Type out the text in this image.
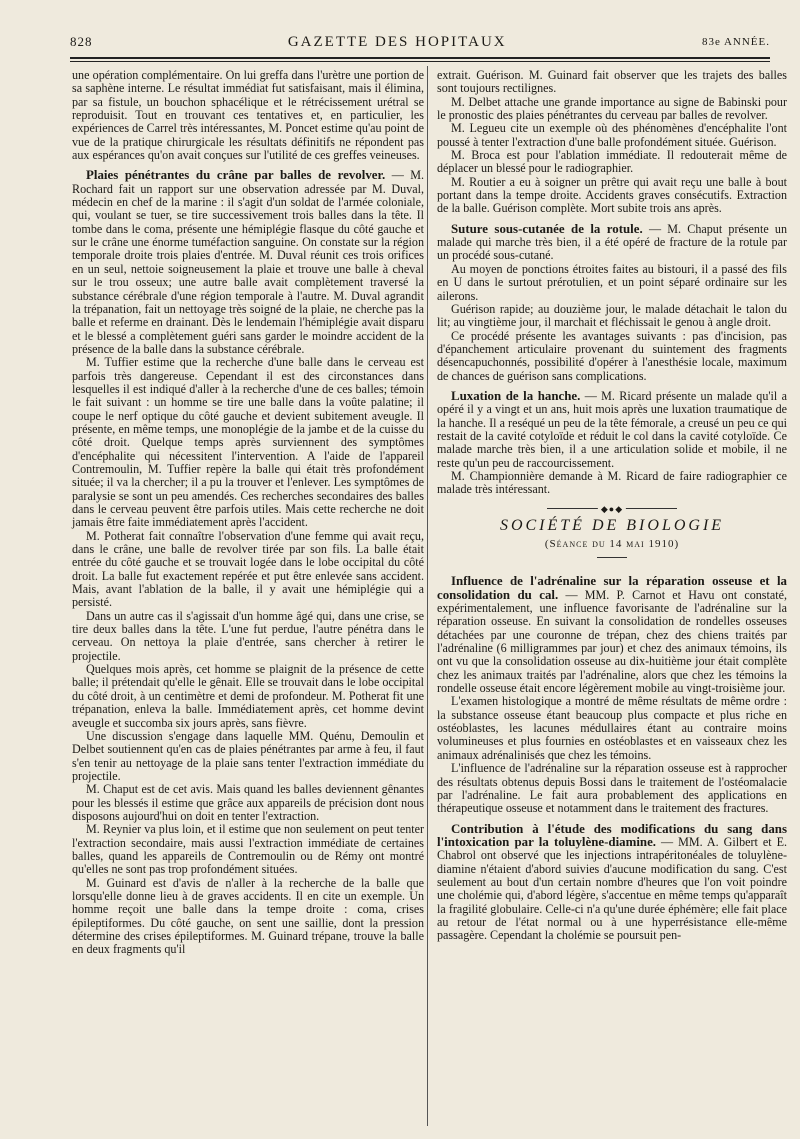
828	GAZETTE DES HOPITAUX	83e ANNÉE.

une opération complémentaire. On lui greffa dans l'urètre une portion de sa saphène interne. Le résultat immédiat fut satisfaisant, mais il élimina, par sa fistule, un bouchon sphacélique et le rétrécissement urétral se reproduisit. Tout en trouvant ces tentatives et, en particulier, les expériences de Carrel très intéressantes, M. Poncet estime qu'au point de vue de la pratique chirurgicale les résultats définitifs ne répondent pas aux espérances qu'on avait conçues sur l'utilité de ces greffes veineuses.

Plaies pénétrantes du crâne par balles de revolver. — M. Rochard fait un rapport sur une observation adressée par M. Duval, médecin en chef de la marine : il s'agit d'un soldat de l'armée coloniale, qui, voulant se tuer, se tire successivement trois balles dans la tête. Il tombe dans le coma, présente une hémiplégie flasque du côté gauche et sur le crâne une énorme tuméfaction sanguine. On constate sur la région temporale droite trois plaies d'entrée. M. Duval réunit ces trois orifices en un seul, nettoie soigneusement la plaie et trouve une balle à cheval sur le trou osseux; une autre balle avait complètement traversé la substance cérébrale d'une région temporale à l'autre. M. Duval agrandit la trépanation, fait un nettoyage très soigné de la plaie, ne cherche pas la balle et referme en drainant. Dès le lendemain l'hémiplégie avait disparu et le blessé a complètement guéri sans garder le moindre accident de la présence de la balle dans la substance cérébrale.

M. Tuffier estime que la recherche d'une balle dans le cerveau est parfois très dangereuse. Cependant il est des circonstances dans lesquelles il est indiqué d'aller à la recherche d'une de ces balles; témoin le fait suivant : un homme se tire une balle dans la voûte palatine; il coupe le nerf optique du côté gauche et devient subitement aveugle. Il présente, en même temps, une monoplégie de la jambe et de la cuisse du côté droit. Quelque temps après surviennent des symptômes d'encéphalite qui nécessitent l'intervention. A l'aide de l'appareil Contremoulin, M. Tuffier repère la balle qui était très profondément située; il va la chercher; il a pu la trouver et l'enlever. Les symptômes de paralysie se sont un peu amendés. Ces recherches secondaires des balles dans le cerveau peuvent être parfois utiles. Mais cette recherche ne doit jamais être faite immédiatement après l'accident.

M. Potherat fait connaître l'observation d'une femme qui avait reçu, dans le crâne, une balle de revolver tirée par son fils. La balle était entrée du côté gauche et se trouvait logée dans le lobe occipital du côté droit. La balle fut exactement repérée et put être enlevée sans accident. Mais, avant l'ablation de la balle, il y avait une hémiplégie qui a persisté.

Dans un autre cas il s'agissait d'un homme âgé qui, dans une crise, se tire deux balles dans la tête. L'une fut perdue, l'autre pénétra dans le cerveau. On nettoya la plaie d'entrée, sans chercher à retirer le projectile.

Quelques mois après, cet homme se plaignit de la présence de cette balle; il prétendait qu'elle le gênait. Elle se trouvait dans le lobe occipital du côté droit, à un centimètre et demi de profondeur. M. Potherat fit une trépanation, enleva la balle. Immédiatement après, cet homme devint aveugle et succomba six jours après, sans fièvre.

Une discussion s'engage dans laquelle MM. Quénu, Demoulin et Delbet soutiennent qu'en cas de plaies pénétrantes par arme à feu, il faut s'en tenir au nettoyage de la plaie sans tenter l'extraction immédiate du projectile.

M. Chaput est de cet avis. Mais quand les balles deviennent gênantes pour les blessés il estime que grâce aux appareils de précision dont nous disposons aujourd'hui on doit en tenter l'extraction.

M. Reynier va plus loin, et il estime que non seulement on peut tenter l'extraction secondaire, mais aussi l'extraction immédiate de certaines balles, quand les appareils de Contremoulin ou de Rémy ont montré qu'elles ne sont pas trop profondément situées.

M. Guinard est d'avis de n'aller à la recherche de la balle que lorsqu'elle donne lieu à de graves accidents. Il en cite un exemple. Un homme reçoit une balle dans la tempe droite : coma, crises épileptiformes. Du côté gauche, on sent une saillie, dont la pression détermine des crises épileptiformes. M. Guinard trépane, trouve la balle en deux fragments qu'il

extrait. Guérison. M. Guinard fait observer que les trajets des balles sont toujours rectilignes.

M. Delbet attache une grande importance au signe de Babinski pour le pronostic des plaies pénétrantes du cerveau par balles de revolver.

M. Legueu cite un exemple où des phénomènes d'encéphalite l'ont poussé à tenter l'extraction d'une balle profondément située. Guérison.

M. Broca est pour l'ablation immédiate. Il redouterait même de déplacer un blessé pour le radiographier.

M. Routier a eu à soigner un prêtre qui avait reçu une balle à bout portant dans la tempe droite. Accidents graves consécutifs. Extraction de la balle. Guérison complète. Mort subite trois ans après.

Suture sous-cutanée de la rotule. — M. Chaput présente un malade qui marche très bien, il a été opéré de fracture de la rotule par un procédé sous-cutané.

Au moyen de ponctions étroites faites au bistouri, il a passé des fils en U dans le surtout prérotulien, et un point séparé ordinaire sur les ailerons.

Guérison rapide; au douzième jour, le malade détachait le talon du lit; au vingtième jour, il marchait et fléchissait le genou à angle droit.

Ce procédé présente les avantages suivants : pas d'incision, pas d'épanchement articulaire provenant du suintement des fragments désencapuchonnés, possibilité d'opérer à l'anesthésie locale, maximum de chances de guérison sans complications.

Luxation de la hanche. — M. Ricard présente un malade qu'il a opéré il y a vingt et un ans, huit mois après une luxation traumatique de la hanche. Il a reséqué un peu de la tête fémorale, a creusé un peu ce qui restait de la cavité cotyloïde et réduit le col dans la cavité cotyloïde. Ce malade marche très bien, il a une articulation solide et mobile, il ne reste qu'un peu de raccourcissement.

M. Championnière demande à M. Ricard de faire radiographier ce malade très intéressant.

◆●◆
SOCIÉTÉ DE BIOLOGIE
(Séance du 14 mai 1910)

Influence de l'adrénaline sur la réparation osseuse et la consolidation du cal. — MM. P. Carnot et Havu ont constaté, expérimentalement, une influence favorisante de l'adrénaline sur la réparation osseuse. En suivant la consolidation de rondelles osseuses détachées par une couronne de trépan, chez des chiens traités par l'adrénaline (6 milligrammes par jour) et chez des animaux témoins, ils ont vu que la consolidation osseuse au dix-huitième jour était complète chez les animaux traités par l'adrénaline, alors que chez les témoins la rondelle osseuse était encore légèrement mobile au vingt-troisième jour.

L'examen histologique a montré de même résultats de même ordre : la substance osseuse étant beaucoup plus compacte et plus riche en ostéoblastes, les lacunes médullaires étant au contraire moins volumineuses et plus fournies en ostéoblastes et en vaisseaux chez les animaux adrénalinisés que chez les témoins.

L'influence de l'adrénaline sur la réparation osseuse est à rapprocher des résultats obtenus depuis Bossi dans le traitement de l'ostéomalacie par l'adrénaline. Le fait aura probablement des applications en thérapeutique osseuse et notamment dans le traitement des fractures.

Contribution à l'étude des modifications du sang dans l'intoxication par la toluylène-diamine. — MM. A. Gilbert et E. Chabrol ont observé que les injections intrapéritonéales de toluylène-diamine n'étaient d'abord suivies d'aucune modification du sang. C'est seulement au bout d'un certain nombre d'heures que l'on voit poindre une cholémie qui, d'abord légère, s'accentue en même temps qu'apparaît la fragilité globulaire. Celle-ci n'a qu'une durée éphémère; elle fait place au retour de l'état normal ou à une hyperrésistance elle-même passagère. Cependant la cholémie se poursuit pen-
